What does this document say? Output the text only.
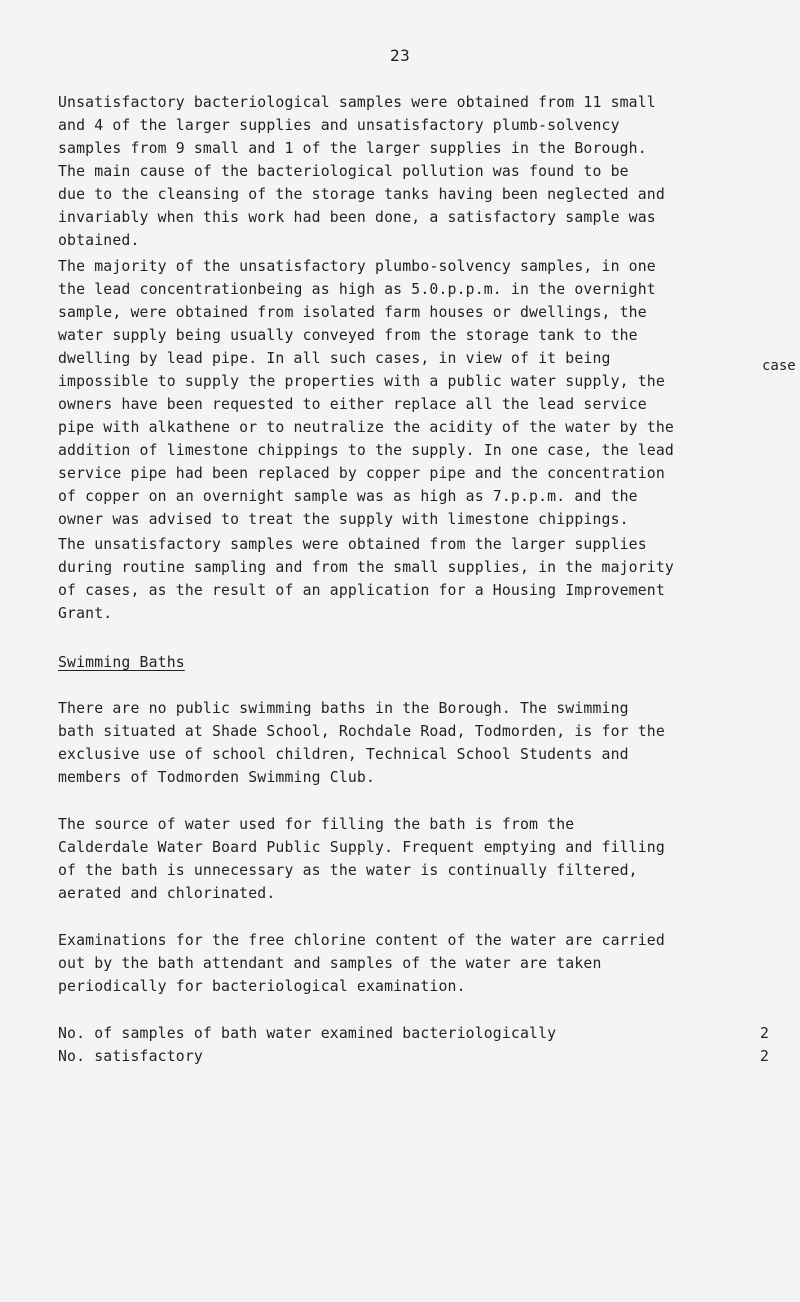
23
case
Unsatisfactory bacteriological samples were obtained from 11 small
and 4 of the larger supplies and unsatisfactory plumb-solvency
samples from 9 small and 1 of the larger supplies in the Borough.
The main cause of the bacteriological pollution was found to be
due to the cleansing of the storage tanks having been neglected and
invariably when this work had been done, a satisfactory sample was
obtained.
The majority of the unsatisfactory plumbo-solvency samples, in one
the lead concentrationbeing as high as 5.0.p.p.m. in the overnight
sample, were obtained from isolated farm houses or dwellings, the
water supply being usually conveyed from the storage tank to the
dwelling by lead pipe. In all such cases, in view of it being
impossible to supply the properties with a public water supply, the
owners have been requested to either replace all the lead service
pipe with alkathene or to neutralize the acidity of the water by the
addition of limestone chippings to the supply. In one case, the lead
service pipe had been replaced by copper pipe and the concentration
of copper on an overnight sample was as high as 7.p.p.m. and the
owner was advised to treat the supply with limestone chippings.
The unsatisfactory samples were obtained from the larger supplies
during routine sampling and from the small supplies, in the majority
of cases, as the result of an application for a Housing Improvement
Grant.
Swimming Baths
There are no public swimming baths in the Borough. The swimming
bath situated at Shade School, Rochdale Road, Todmorden, is for the
exclusive use of school children, Technical School Students and
members of Todmorden Swimming Club.
The source of water used for filling the bath is from the
Calderdale Water Board Public Supply. Frequent emptying and filling
of the bath is unnecessary as the water is continually filtered,
aerated and chlorinated.
Examinations for the free chlorine content of the water are carried
out by the bath attendant and samples of the water are taken
periodically for bacteriological examination.
No. of samples of bath water examined bacteriologically	2
No. satisfactory	2
